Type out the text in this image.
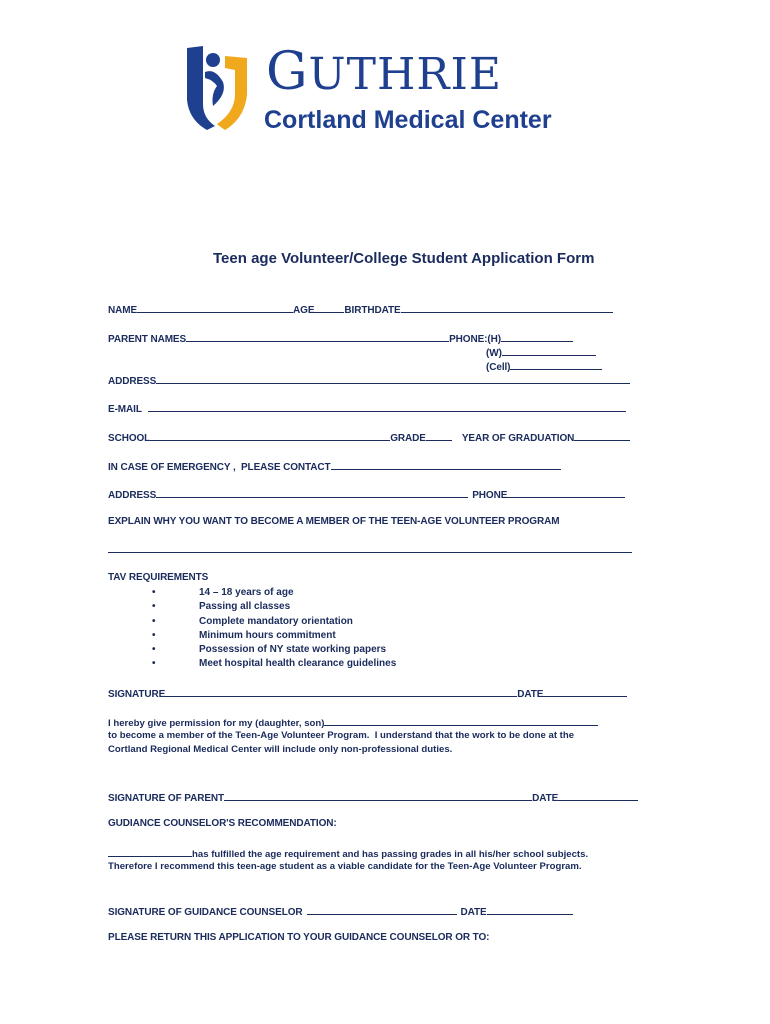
GUTHRIE
Cortland Medical Center
Teen age Volunteer/College Student Application Form
NAME	AGE	BIRTHDATE
PARENT NAMES	PHONE:(H)
(W)
(Cell)
ADDRESS
E-MAIL
SCHOOL	GRADE	YEAR OF GRADUATION
IN CASE OF EMERGENCY ,  PLEASE CONTACT
ADDRESS	PHONE
EXPLAIN WHY YOU WANT TO BECOME A MEMBER OF THE TEEN-AGE VOLUNTEER PROGRAM
TAV REQUIREMENTS
• 14 – 18 years of age
• Passing all classes
• Complete mandatory orientation
• Minimum hours commitment
• Possession of NY state working papers
• Meet hospital health clearance guidelines
SIGNATURE	DATE
I hereby give permission for my (daughter, son)
to become a member of the Teen-Age Volunteer Program.  I understand that the work to be done at the
Cortland Regional Medical Center will include only non-professional duties.
SIGNATURE OF PARENT	DATE
GUDIANCE COUNSELOR'S RECOMMENDATION:
has fulfilled the age requirement and has passing grades in all his/her school subjects.
Therefore I recommend this teen-age student as a viable candidate for the Teen-Age Volunteer Program.
SIGNATURE OF GUIDANCE COUNSELOR	DATE
PLEASE RETURN THIS APPLICATION TO YOUR GUIDANCE COUNSELOR OR TO:
